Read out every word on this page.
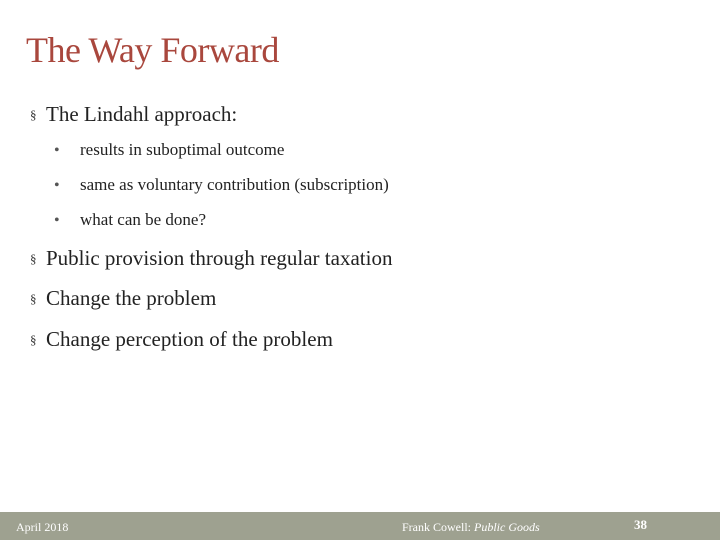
The Way Forward
§ The Lindahl approach:
• results in suboptimal outcome
• same as voluntary contribution (subscription)
• what can be done?
§ Public provision through regular taxation
§ Change the problem
§ Change perception of the problem
April 2018	Frank Cowell: Public Goods	38
